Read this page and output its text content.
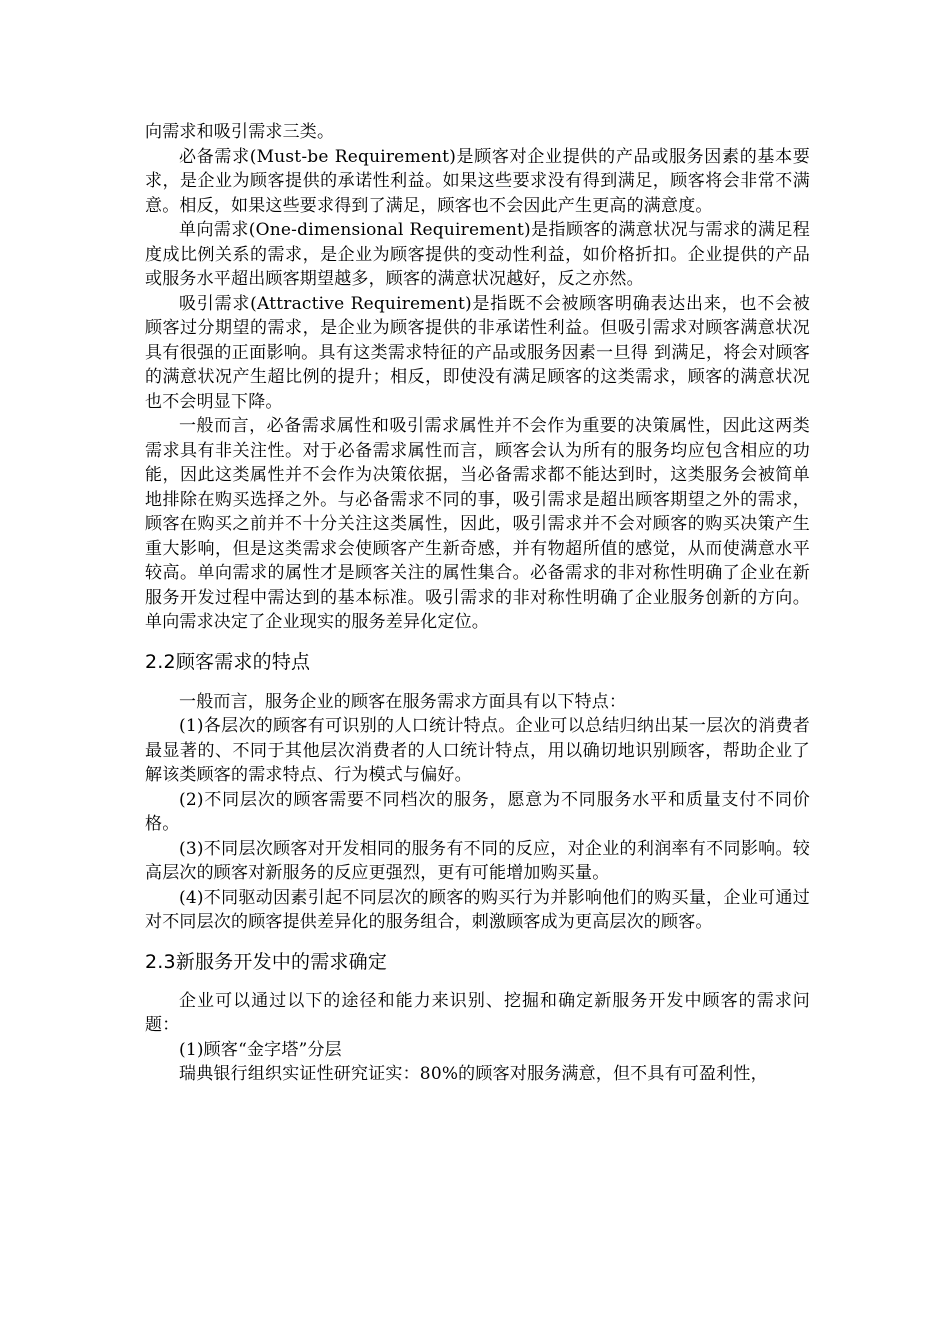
向需求和吸引需求三类。

必备需求(Must-be Requirement)是顾客对企业提供的产品或服务因素的基本要求，是企业为顾客提供的承诺性利益。如果这些要求没有得到满足，顾客将会非常不满意。相反，如果这些要求得到了满足，顾客也不会因此产生更高的满意度。

单向需求(One-dimensional Requirement)是指顾客的满意状况与需求的满足程度成比例关系的需求，是企业为顾客提供的变动性利益，如价格折扣。企业提供的产品或服务水平超出顾客期望越多，顾客的满意状况越好，反之亦然。

吸引需求(Attractive Requirement)是指既不会被顾客明确表达出来，也不会被顾客过分期望的需求，是企业为顾客提供的非承诺性利益。但吸引需求对顾客满意状况具有很强的正面影响。具有这类需求特征的产品或服务因素一旦得 到满足，将会对顾客的满意状况产生超比例的提升；相反，即使没有满足顾客的这类需求，顾客的满意状况也不会明显下降。

一般而言，必备需求属性和吸引需求属性并不会作为重要的决策属性，因此这两类需求具有非关注性。对于必备需求属性而言，顾客会认为所有的服务均应包含相应的功能，因此这类属性并不会作为决策依据，当必备需求都不能达到时，这类服务会被简单地排除在购买选择之外。与必备需求不同的事，吸引需求是超出顾客期望之外的需求，顾客在购买之前并不十分关注这类属性，因此，吸引需求并不会对顾客的购买决策产生重大影响，但是这类需求会使顾客产生新奇感，并有物超所值的感觉，从而使满意水平较高。单向需求的属性才是顾客关注的属性集合。必备需求的非对称性明确了企业在新服务开发过程中需达到的基本标准。吸引需求的非对称性明确了企业服务创新的方向。单向需求决定了企业现实的服务差异化定位。

2.2顾客需求的特点

一般而言，服务企业的顾客在服务需求方面具有以下特点：

(1)各层次的顾客有可识别的人口统计特点。企业可以总结归纳出某一层次的消费者最显著的、不同于其他层次消费者的人口统计特点，用以确切地识别顾客，帮助企业了解该类顾客的需求特点、行为模式与偏好。

(2)不同层次的顾客需要不同档次的服务，愿意为不同服务水平和质量支付不同价格。

(3)不同层次顾客对开发相同的服务有不同的反应，对企业的利润率有不同影响。较高层次的顾客对新服务的反应更强烈，更有可能增加购买量。

(4)不同驱动因素引起不同层次的顾客的购买行为并影响他们的购买量，企业可通过对不同层次的顾客提供差异化的服务组合，刺激顾客成为更高层次的顾客。

2.3新服务开发中的需求确定

企业可以通过以下的途径和能力来识别、挖掘和确定新服务开发中顾客的需求问题：

(1)顾客“金字塔”分层

瑞典银行组织实证性研究证实：80%的顾客对服务满意，但不具有可盈利性，
